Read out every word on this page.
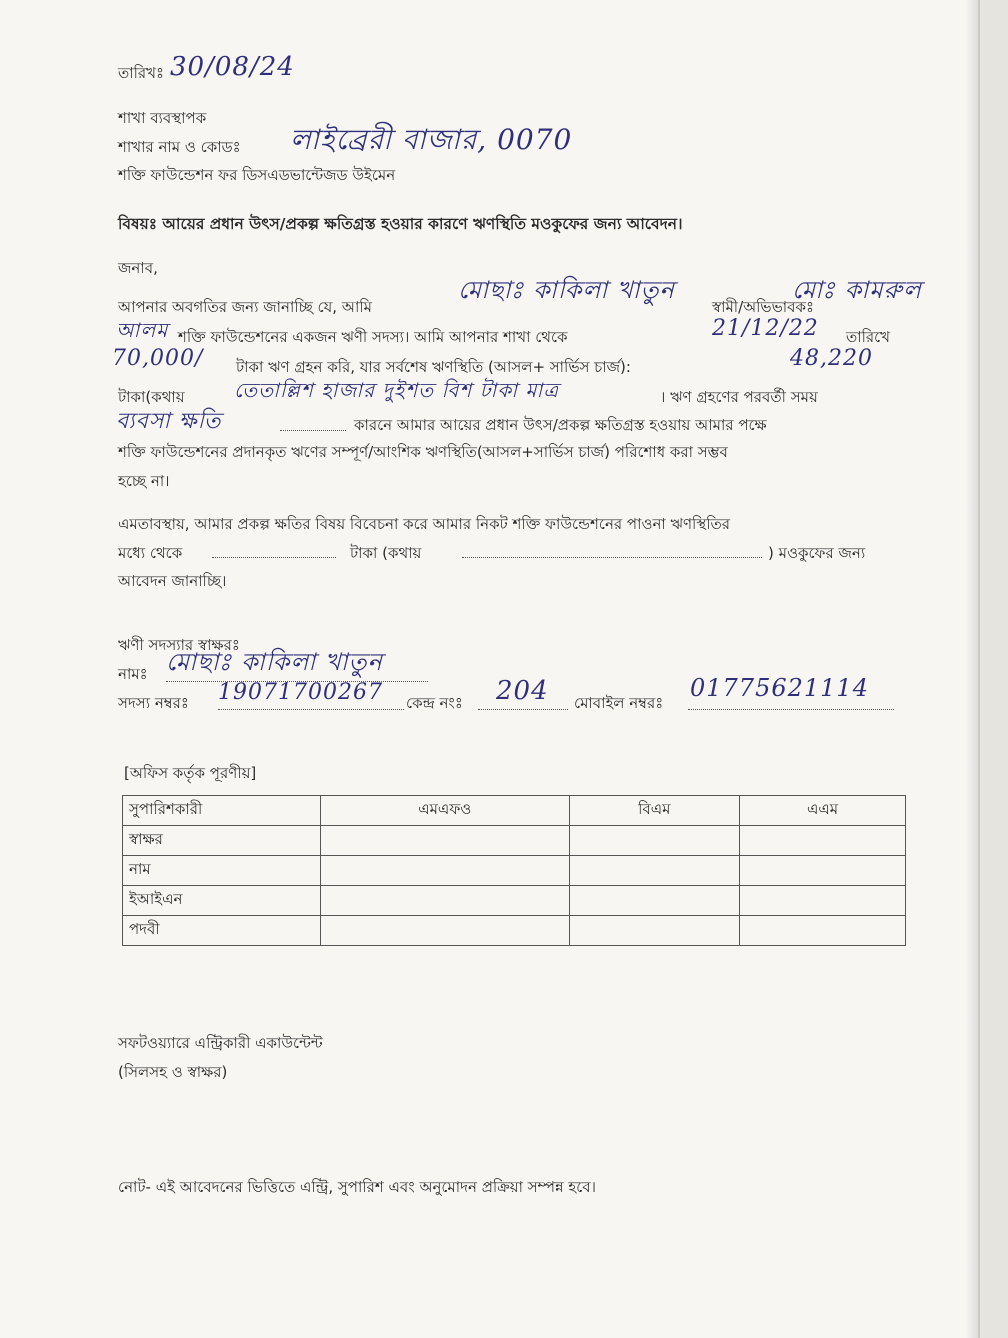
তারিখঃ 30/08/24
শাখা ব্যবস্থাপক
শাখার নাম ও কোডঃ লাইব্রেরী বাজার, 0070
শক্তি ফাউন্ডেশন ফর ডিসএডভান্টেজড উইমেন
বিষয়ঃ আয়ের প্রধান উৎস/প্রকল্প ক্ষতিগ্রস্ত হওয়ার কারণে ঋণস্থিতি মওকুফের জন্য আবেদন।
জনাব,
আপনার অবগতির জন্য জানাচ্ছি যে, আমি
মোছাঃ কাকিলা খাতুন
স্বামী/অভিভাবকঃ
মোঃ কামরুল
আলম শক্তি ফাউন্ডেশনের একজন ঋণী সদস্য। আমি আপনার শাখা থেকে	21/12/22 তারিখে
70,000/ টাকা ঋণ গ্রহন করি, যার সর্বশেষ ঋণস্থিতি (আসল+ সার্ভিস চার্জ):	48,220
টাকা(কথায় তেতাল্লিশ হাজার দুইশত বিশ টাকা মাত্র	। ঋণ গ্রহণের পরবর্তী সময়
ব্যবসা ক্ষতি	কারনে আমার আয়ের প্রধান উৎস/প্রকল্প ক্ষতিগ্রস্ত হওয়ায় আমার পক্ষে
শক্তি ফাউন্ডেশনের প্রদানকৃত ঋণের সম্পূর্ণ/আংশিক ঋণস্থিতি(আসল+সার্ভিস চার্জ) পরিশোধ করা সম্ভব
হচ্ছে না।
এমতাবস্থায়, আমার প্রকল্প ক্ষতির বিষয় বিবেচনা করে আমার নিকট শক্তি ফাউন্ডেশনের পাওনা ঋণস্থিতির
মধ্যে থেকে	টাকা (কথায়	) মওকুফের জন্য
আবেদন জানাচ্ছি।
ঋণী সদস্যার স্বাক্ষরঃ
নামঃ মোছাঃ কাকিলা খাতুন
সদস্য নম্বরঃ 19071700267 কেন্দ্র নংঃ 204 মোবাইল নম্বরঃ
01775621114
[অফিস কর্তৃক পূরণীয়]
সুপারিশকারী	এমএফও	বিএম	এএম
স্বাক্ষর			
নাম			
ইআইএন			
পদবী			
সফটওয়্যারে এন্ট্রিকারী একাউন্টেন্ট
(সিলসহ ও স্বাক্ষর)
নোট- এই আবেদনের ভিত্তিতে এন্ট্রি, সুপারিশ এবং অনুমোদন প্রক্রিয়া সম্পন্ন হবে।
